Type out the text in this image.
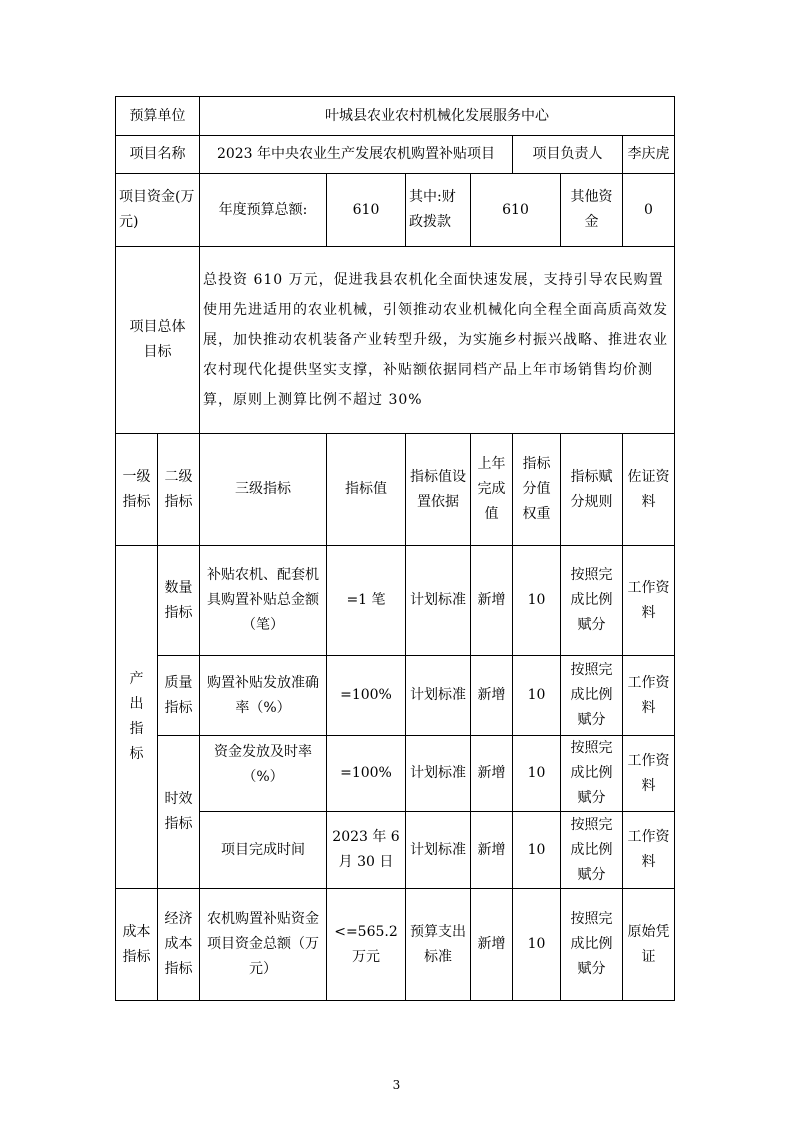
预算单位		叶城县农业农村机械化发展服务中心						
项目名称		2023 年中央农业生产发展农机购置补贴项目				项目负责人		李庆虎
项目资金(万元)		年度预算总额:	610	其中:财政拨款	610		其他资金	0
项目总体目标		总投资 610 万元，促进我县农机化全面快速发展，支持引导农民购置使用先进适用的农业机械，引领推动农业机械化向全程全面高质高效发展，加快推动农机装备产业转型升级，为实施乡村振兴战略、推进农业农村现代化提供坚实支撑，补贴额依据同档产品上年市场销售均价测算，原则上测算比例不超过 30%						
一级指标	二级指标	三级指标	指标值	指标值设置依据	上年完成值	指标分值权重	指标赋分规则	佐证资料
产出指标	数量指标	补贴农机、配套机具购置补贴总金额（笔）	=1 笔	计划标准	新增	10	按照完成比例赋分	工作资料
	质量指标	购置补贴发放准确率（%）	=100%	计划标准	新增	10	按照完成比例赋分	工作资料
	时效指标	资金发放及时率（%）	=100%	计划标准	新增	10	按照完成比例赋分	工作资料
		项目完成时间	2023 年 6 月 30 日	计划标准	新增	10	按照完成比例赋分	工作资料
成本指标	经济成本指标	农机购置补贴资金项目资金总额（万元）	<=565.2 万元	预算支出标准	新增	10	按照完成比例赋分	原始凭证
3
